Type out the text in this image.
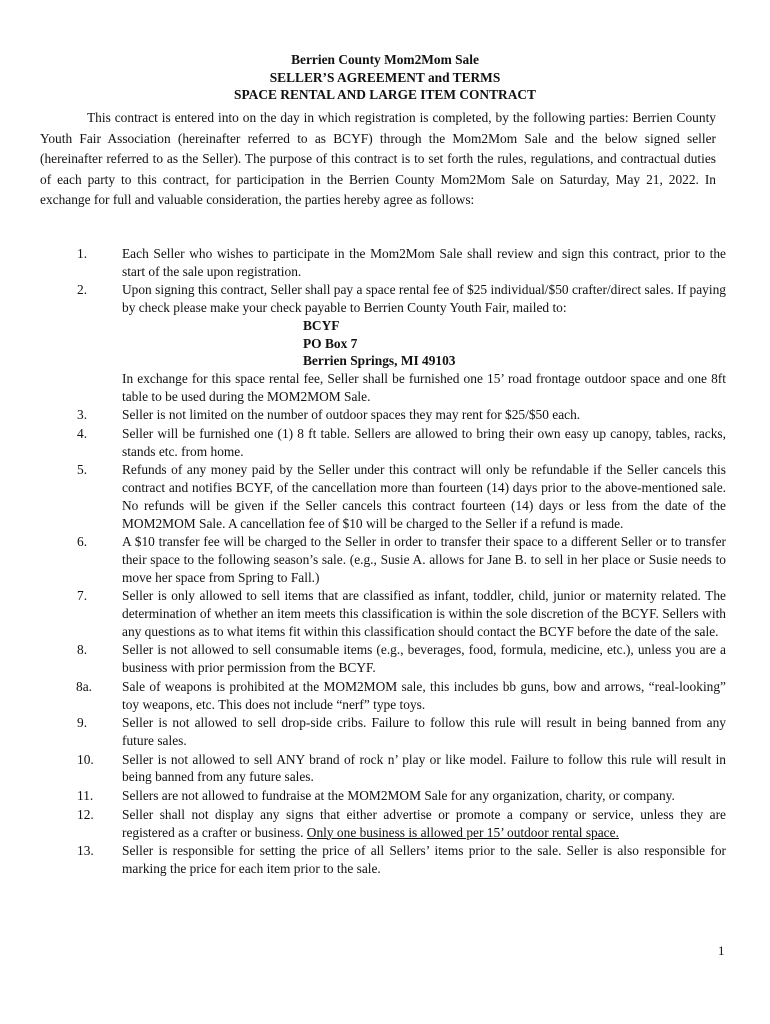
Berrien County Mom2Mom Sale
SELLER’S AGREEMENT and TERMS
SPACE RENTAL AND LARGE ITEM CONTRACT

This contract is entered into on the day in which registration is completed, by the following parties: Berrien County Youth Fair Association (hereinafter referred to as BCYF) through the Mom2Mom Sale and the below signed seller (hereinafter referred to as the Seller). The purpose of this contract is to set forth the rules, regulations, and contractual duties of each party to this contract, for participation in the Berrien County Mom2Mom Sale on Saturday, May 21, 2022. In exchange for full and valuable consideration, the parties hereby agree as follows:

1.	Each Seller who wishes to participate in the Mom2Mom Sale shall review and sign this contract, prior to the start of the sale upon registration.
2.	Upon signing this contract, Seller shall pay a space rental fee of $25 individual/$50 crafter/direct sales. If paying by check please make your check payable to Berrien County Youth Fair, mailed to:
BCYF
PO Box 7
Berrien Springs, MI 49103
In exchange for this space rental fee, Seller shall be furnished one 15’ road frontage outdoor space and one 8ft table to be used during the MOM2MOM Sale.
3.	Seller is not limited on the number of outdoor spaces they may rent for $25/$50 each.
4.	Seller will be furnished one (1) 8 ft table. Sellers are allowed to bring their own easy up canopy, tables, racks, stands etc. from home.
5.	Refunds of any money paid by the Seller under this contract will only be refundable if the Seller cancels this contract and notifies BCYF, of the cancellation more than fourteen (14) days prior to the above-mentioned sale. No refunds will be given if the Seller cancels this contract fourteen (14) days or less from the date of the MOM2MOM Sale. A cancellation fee of $10 will be charged to the Seller if a refund is made.
6.	A $10 transfer fee will be charged to the Seller in order to transfer their space to a different Seller or to transfer their space to the following season’s sale. (e.g., Susie A. allows for Jane B. to sell in her place or Susie needs to move her space from Spring to Fall.)
7.	Seller is only allowed to sell items that are classified as infant, toddler, child, junior or maternity related. The determination of whether an item meets this classification is within the sole discretion of the BCYF. Sellers with any questions as to what items fit within this classification should contact the BCYF before the date of the sale.
8.	Seller is not allowed to sell consumable items (e.g., beverages, food, formula, medicine, etc.), unless you are a business with prior permission from the BCYF.
8a.	Sale of weapons is prohibited at the MOM2MOM sale, this includes bb guns, bow and arrows, “real-looking” toy weapons, etc. This does not include “nerf” type toys.
9.	Seller is not allowed to sell drop-side cribs. Failure to follow this rule will result in being banned from any future sales.
10.	Seller is not allowed to sell ANY brand of rock n’ play or like model. Failure to follow this rule will result in being banned from any future sales.
11.	Sellers are not allowed to fundraise at the MOM2MOM Sale for any organization, charity, or company.
12.	Seller shall not display any signs that either advertise or promote a company or service, unless they are registered as a crafter or business. Only one business is allowed per 15’ outdoor rental space.
13.	Seller is responsible for setting the price of all Sellers’ items prior to the sale. Seller is also responsible for marking the price for each item prior to the sale.
1
